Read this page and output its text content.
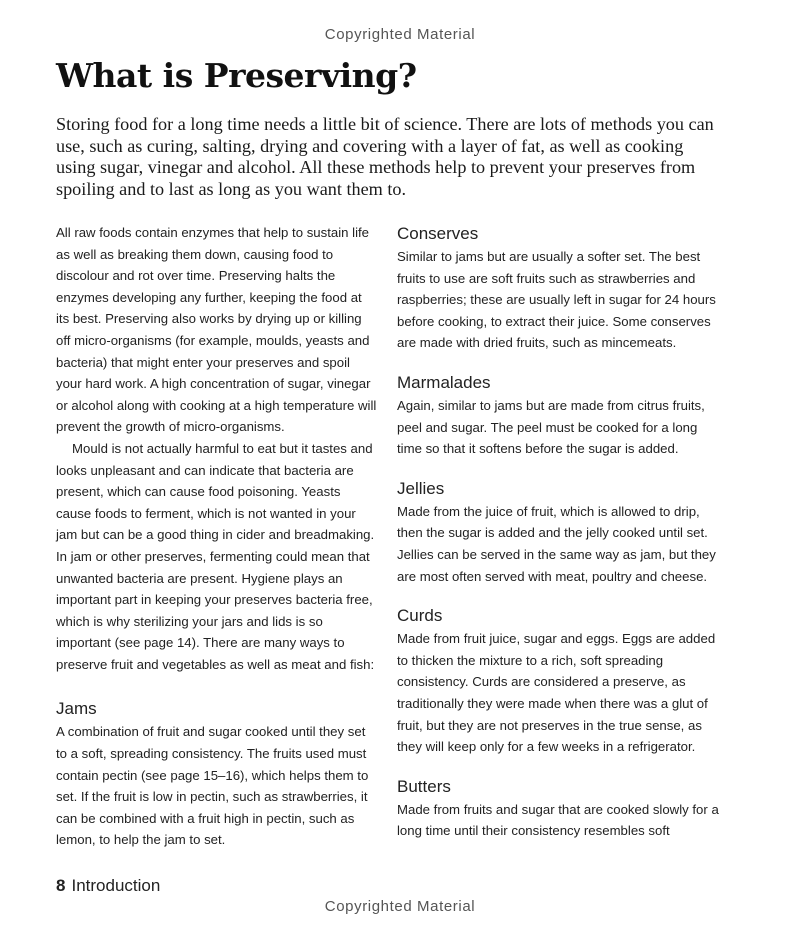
Copyrighted Material
What is Preserving?

Storing food for a long time needs a little bit of science. There are lots of methods you can use, such as curing, salting, drying and covering with a layer of fat, as well as cooking using sugar, vinegar and alcohol. All these methods help to prevent your preserves from spoiling and to last as long as you want them to.

All raw foods contain enzymes that help to sustain life as well as breaking them down, causing food to discolour and rot over time. Preserving halts the enzymes developing any further, keeping the food at its best. Preserving also works by drying up or killing off micro-organisms (for example, moulds, yeasts and bacteria) that might enter your preserves and spoil your hard work. A high concentration of sugar, vinegar or alcohol along with cooking at a high temperature will prevent the growth of micro-organisms.

Mould is not actually harmful to eat but it tastes and looks unpleasant and can indicate that bacteria are present, which can cause food poisoning. Yeasts cause foods to ferment, which is not wanted in your jam but can be a good thing in cider and breadmaking. In jam or other preserves, fermenting could mean that unwanted bacteria are present. Hygiene plays an important part in keeping your preserves bacteria free, which is why sterilizing your jars and lids is so important (see page 14). There are many ways to preserve fruit and vegetables as well as meat and fish:

Jams

A combination of fruit and sugar cooked until they set to a soft, spreading consistency. The fruits used must contain pectin (see page 15–16), which helps them to set. If the fruit is low in pectin, such as strawberries, it can be combined with a fruit high in pectin, such as lemon, to help the jam to set.

Conserves

Similar to jams but are usually a softer set. The best fruits to use are soft fruits such as strawberries and raspberries; these are usually left in sugar for 24 hours before cooking, to extract their juice. Some conserves are made with dried fruits, such as mincemeats.

Marmalades

Again, similar to jams but are made from citrus fruits, peel and sugar. The peel must be cooked for a long time so that it softens before the sugar is added.

Jellies

Made from the juice of fruit, which is allowed to drip, then the sugar is added and the jelly cooked until set. Jellies can be served in the same way as jam, but they are most often served with meat, poultry and cheese.

Curds

Made from fruit juice, sugar and eggs. Eggs are added to thicken the mixture to a rich, soft spreading consistency. Curds are considered a preserve, as traditionally they were made when there was a glut of fruit, but they are not preserves in the true sense, as they will keep only for a few weeks in a refrigerator.

Butters

Made from fruits and sugar that are cooked slowly for a long time until their consistency resembles soft

8 Introduction
Copyrighted Material
